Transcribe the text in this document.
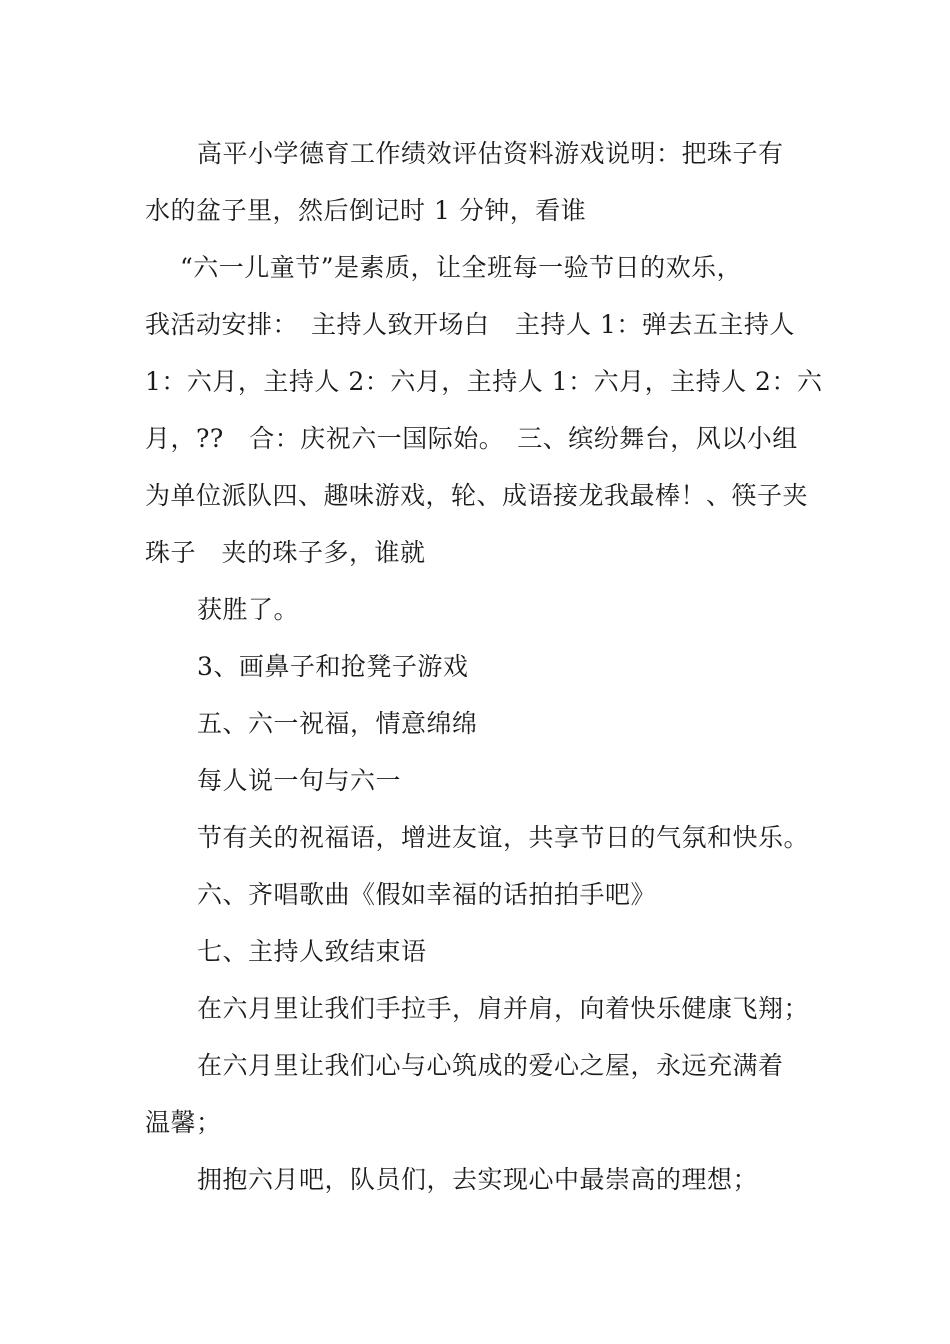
高平小学德育工作绩效评估资料游戏说明：把珠子有
水的盆子里，然后倒记时 1 分钟，看谁
“六一儿童节”是素质，让全班每一验节日的欢乐，
我活动安排：　主持人致开场白　主持人 1：弹去五主持人
1：六月，主持人 2：六月，主持人 1：六月，主持人 2：六
月，??　合：庆祝六一国际始。　三、缤纷舞台，风以小组
为单位派队四、趣味游戏，轮、成语接龙我最棒！、筷子夹
珠子　夹的珠子多，谁就
获胜了。
3、画鼻子和抢凳子游戏
五、六一祝福，情意绵绵
每人说一句与六一
节有关的祝福语，增进友谊，共享节日的气氛和快乐。
六、齐唱歌曲《假如幸福的话拍拍手吧》
七、主持人致结束语
在六月里让我们手拉手，肩并肩，向着快乐健康飞翔；
在六月里让我们心与心筑成的爱心之屋，永远充满着
温馨；
拥抱六月吧，队员们，去实现心中最崇高的理想；
